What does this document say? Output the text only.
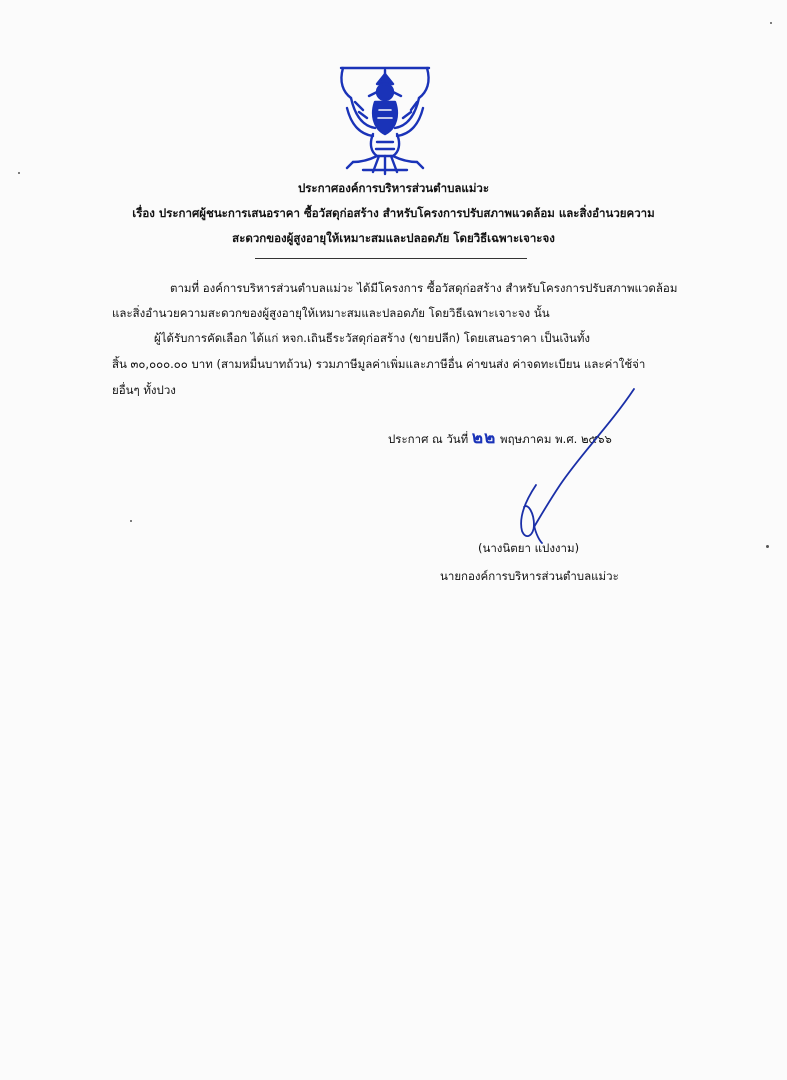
ประกาศองค์การบริหารส่วนตำบลแม่วะ
เรื่อง ประกาศผู้ชนะการเสนอราคา ซื้อวัสดุก่อสร้าง สำหรับโครงการปรับสภาพแวดล้อม และสิ่งอำนวยความ
สะดวกของผู้สูงอายุให้เหมาะสมและปลอดภัย โดยวิธีเฉพาะเจาะจง
ตามที่ องค์การบริหารส่วนตำบลแม่วะ ได้มีโครงการ ซื้อวัสดุก่อสร้าง สำหรับโครงการปรับสภาพแวดล้อม
และสิ่งอำนวยความสะดวกของผู้สูงอายุให้เหมาะสมและปลอดภัย โดยวิธีเฉพาะเจาะจง นั้น
ผู้ได้รับการคัดเลือก ได้แก่ หจก.เถินธีระวัสดุก่อสร้าง (ขายปลีก) โดยเสนอราคา เป็นเงินทั้ง
สิ้น ๓๐,๐๐๐.๐๐ บาท (สามหมื่นบาทถ้วน) รวมภาษีมูลค่าเพิ่มและภาษีอื่น ค่าขนส่ง ค่าจดทะเบียน และค่าใช้จ่า
ยอื่นๆ ทั้งปวง
ประกาศ ณ วันที่ ๒๒ พฤษภาคม พ.ศ. ๒๕๖๖
(นางนิตยา แปงงาม)
นายกองค์การบริหารส่วนตำบลแม่วะ
